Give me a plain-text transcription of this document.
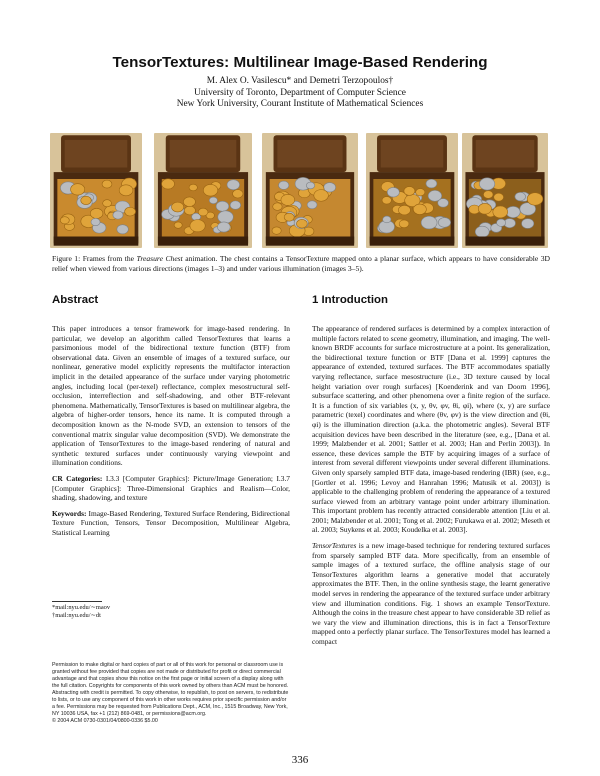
TensorTextures: Multilinear Image-Based Rendering
M. Alex O. Vasilescu* and Demetri Terzopoulos†
University of Toronto, Department of Computer Science
New York University, Courant Institute of Mathematical Sciences
Figure 1: Frames from the Treasure Chest animation. The chest contains a TensorTexture mapped onto a planar surface, which appears to have considerable 3D relief when viewed from various directions (images 1–3) and under various illumination (images 3–5).
Abstract	1 Introduction

This paper introduces a tensor framework for image-based rendering. In particular, we develop an algorithm called TensorTextures that learns a parsimonious model of the bidirectional texture function (BTF) from observational data. Given an ensemble of images of a textured surface, our nonlinear, generative model explicitly represents the multifactor interaction implicit in the detailed appearance of the surface under varying photometric angles, including local (per-texel) reflectance, complex mesostructural self-occlusion, interreflection and self-shadowing, and other BTF-relevant phenomena. Mathematically, TensorTextures is based on multilinear algebra, the algebra of higher-order tensors, hence its name. It is computed through a decomposition known as the N-mode SVD, an extension to tensors of the conventional matrix singular value decomposition (SVD). We demonstrate the application of TensorTextures to the image-based rendering of natural and synthetic textured surfaces under continuously varying viewpoint and illumination conditions.

CR Categories: I.3.3 [Computer Graphics]: Picture/Image Generation; I.3.7 [Computer Graphics]: Three-Dimensional Graphics and Realism—Color, shading, shadowing, and texture

Keywords: Image-Based Rendering, Textured Surface Rendering, Bidirectional Texture Function, Tensors, Tensor Decomposition, Multilinear Algebra, Statistical Learning

*mail:nyu.edu/∼maov
†mail:nyu.edu/∼dt
Permission to make digital or hard copies of part or all of this work for personal or classroom use is granted without fee provided that copies are not made or distributed for profit or direct commercial advantage and that copies show this notice on the first page or initial screen of a display along with the full citation. Copyrights for components of this work owned by others than ACM must be honored. Abstracting with credit is permitted. To copy otherwise, to republish, to post on servers, to redistribute to lists, or to use any component of this work in other works requires prior specific permission and/or a fee. Permissions may be requested from Publications Dept., ACM, Inc., 1515 Broadway, New York, NY 10036 USA, fax +1 (212) 869-0481, or permissions@acm.org.
© 2004 ACM 0730-0301/04/0800-0336 $5.00

The appearance of rendered surfaces is determined by a complex interaction of multiple factors related to scene geometry, illumination, and imaging. The well-known BRDF accounts for surface microstructure at a point. Its generalization, the bidirectional texture function or BTF [Dana et al. 1999] captures the appearance of extended, textured surfaces. The BTF accommodates spatially varying reflectance, surface mesostructure (i.e., 3D texture caused by local height variation over rough surfaces) [Koenderink and van Doorn 1996], subsurface scattering, and other phenomena over a finite region of the surface. It is a function of six variables (x, y, θv, φv, θi, φi), where (x, y) are surface parametric (texel) coordinates and where (θv, φv) is the view direction and (θi, φi) is the illumination direction (a.k.a. the photometric angles). Several BTF acquisition devices have been described in the literature (see, e.g., [Dana et al. 1999; Malzbender et al. 2001; Sattler et al. 2003; Han and Perlin 2003]). In essence, these devices sample the BTF by acquiring images of a surface of interest from several different viewpoints under several different illuminations. Given only sparsely sampled BTF data, image-based rendering (IBR) (see, e.g., [Gortler et al. 1996; Levoy and Hanrahan 1996; Matusik et al. 2003]) is applicable to the challenging problem of rendering the appearance of a textured surface viewed from an arbitrary vantage point under arbitrary illumination. This important problem has recently attracted considerable attention [Liu et al. 2001; Malzbender et al. 2001; Tong et al. 2002; Furukawa et al. 2002; Meseth et al. 2003; Suykens et al. 2003; Koudelka et al. 2003].

TensorTextures is a new image-based technique for rendering textured surfaces from sparsely sampled BTF data. More specifically, from an ensemble of sample images of a textured surface, the offline analysis stage of our TensorTextures algorithm learns a generative model that accurately approximates the BTF. Then, in the online synthesis stage, the learnt generative model serves in rendering the appearance of the textured surface under arbitrary view and illumination conditions. Fig. 1 shows an example TensorTexture. Although the coins in the treasure chest appear to have considerable 3D relief as we vary the view and illumination directions, this is in fact a TensorTexture mapped onto a perfectly planar surface. The TensorTextures model has learned a compact

336
